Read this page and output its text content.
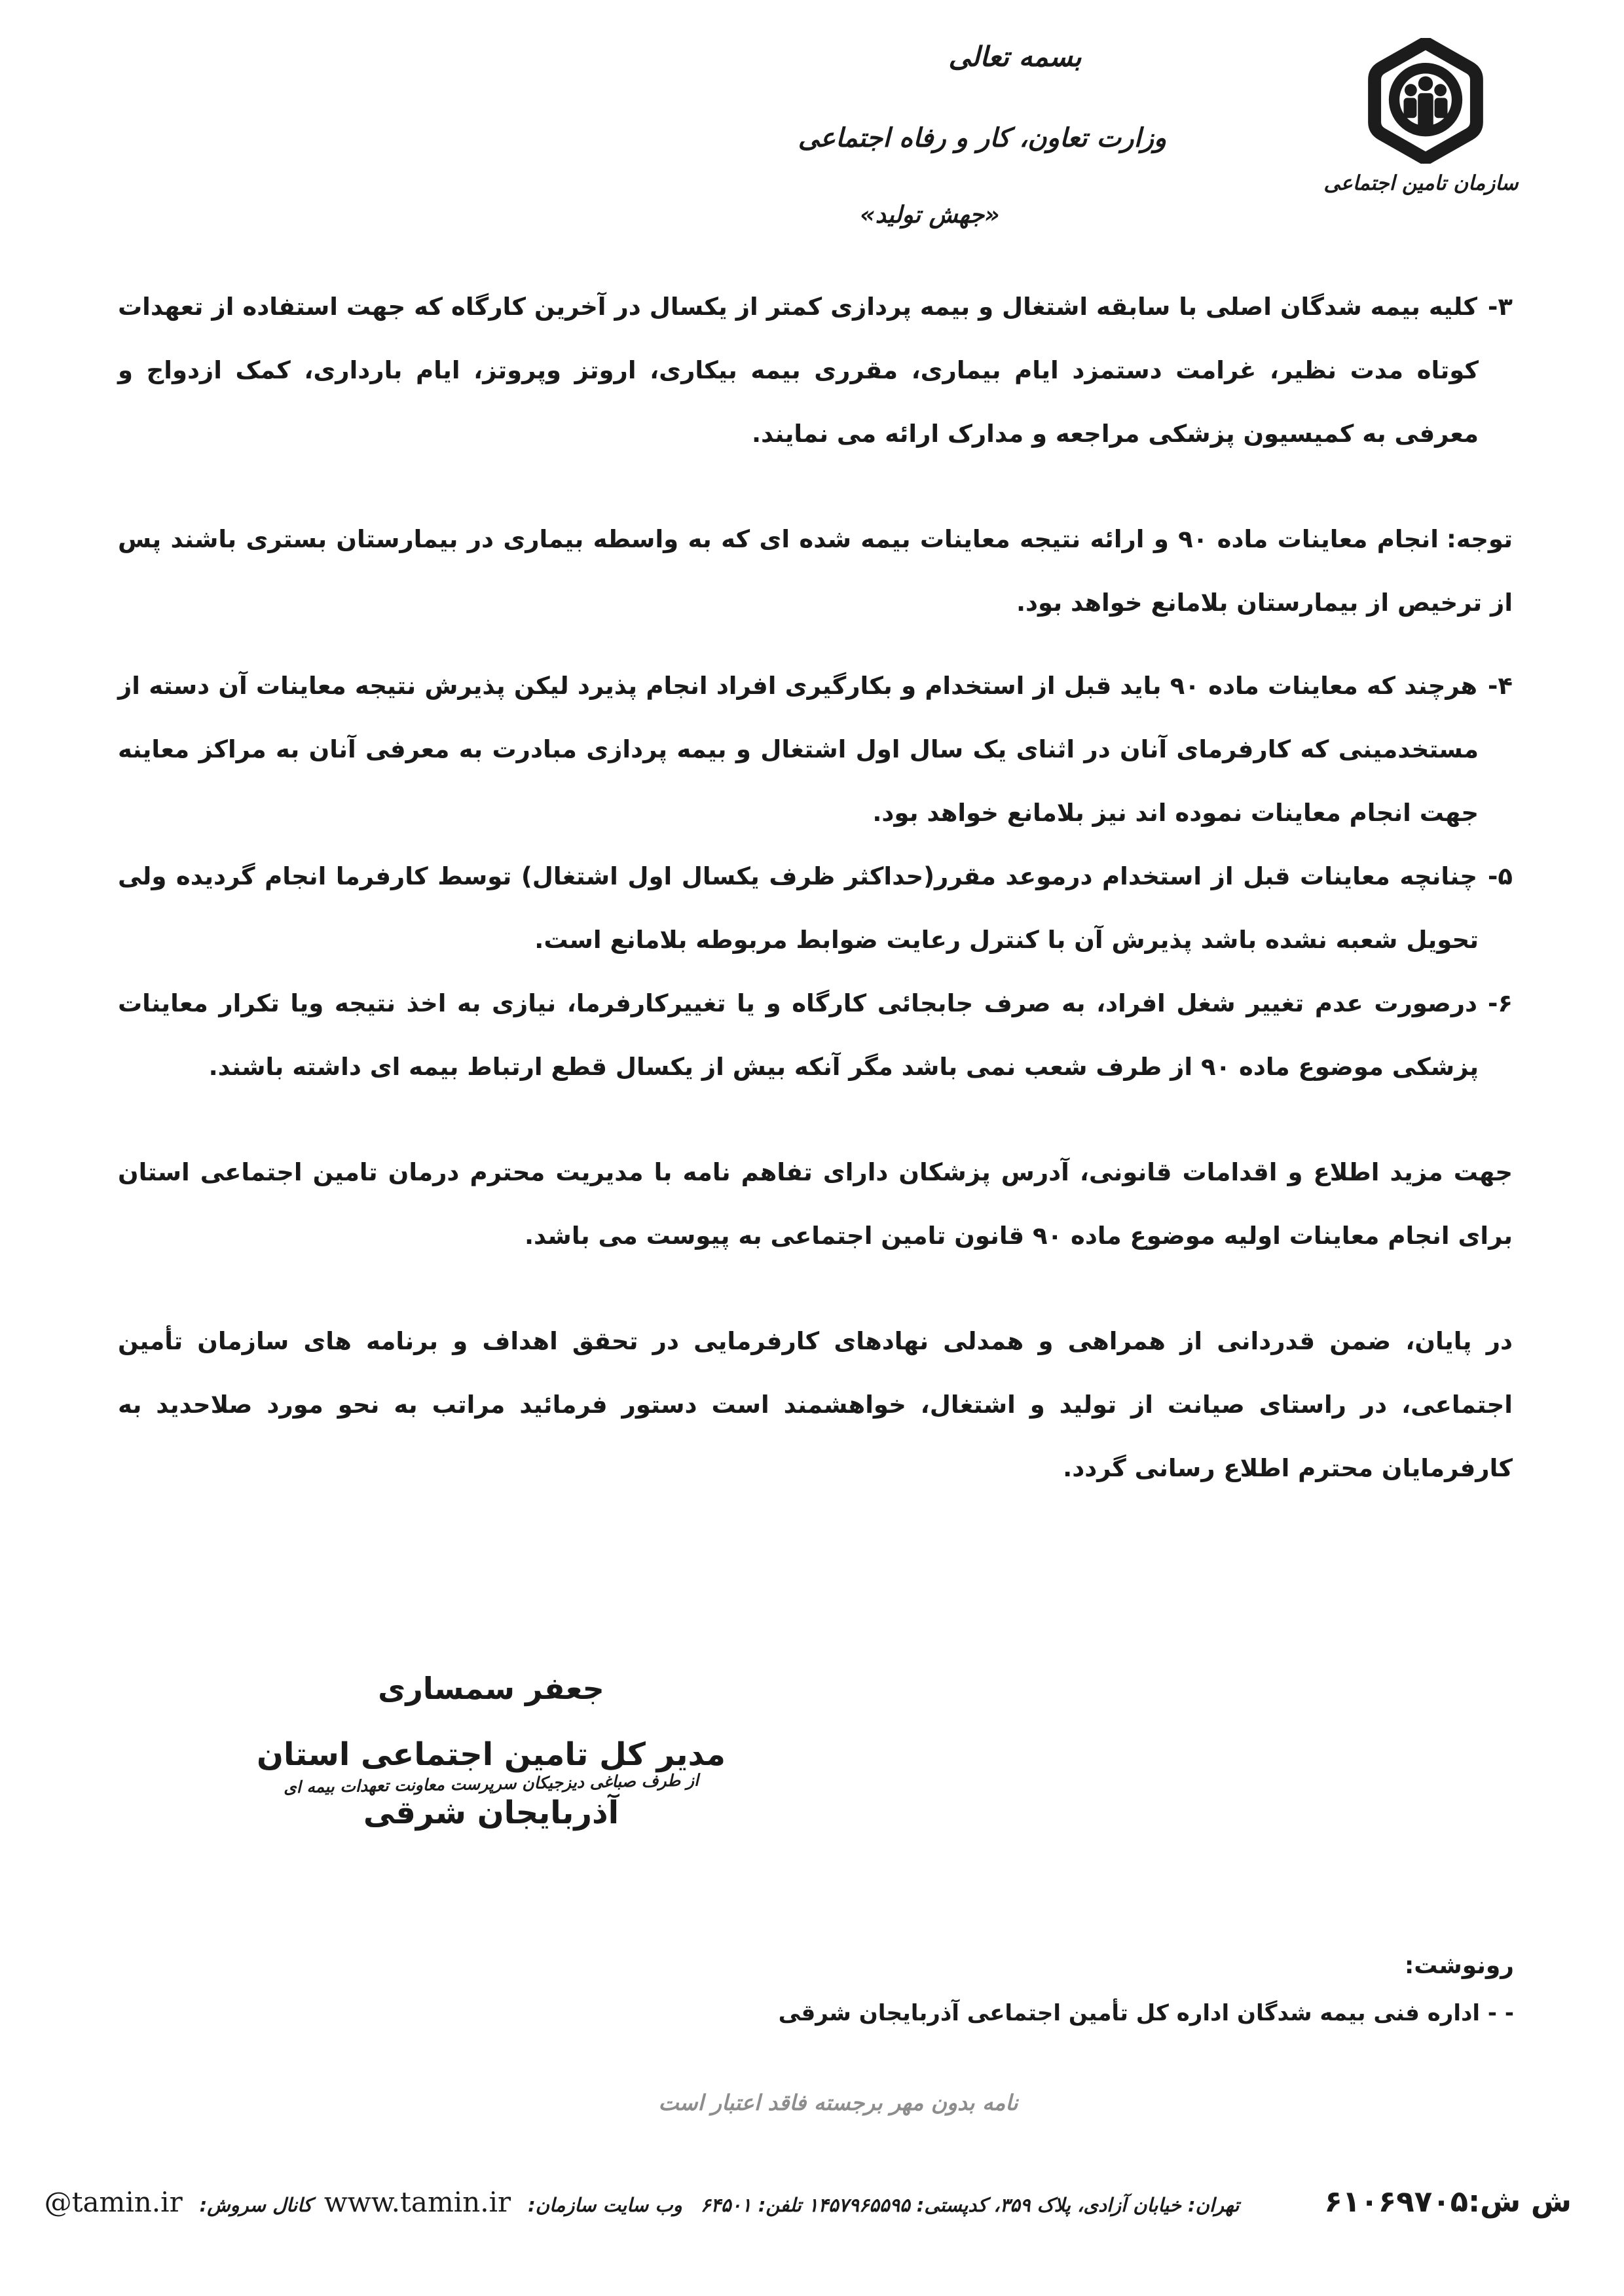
بسمه تعالی
وزارت تعاون، کار و رفاه اجتماعی
«جهش تولید»
سازمان تامین اجتماعی

۳-کلیه بیمه شدگان اصلی با سابقه اشتغال و بیمه پردازی کمتر از یکسال در آخرین کارگاه که جهت استفاده از تعهدات کوتاه مدت نظیر، غرامت دستمزد ایام بیماری، مقرری بیمه بیکاری، اروتز وپروتز، ایام بارداری، کمک ازدواج و معرفی به کمیسیون پزشکی مراجعه و مدارک ارائه می نمایند.

توجه:انجام معاینات ماده ۹۰ و ارائه نتیجه معاینات بیمه شده ای که به واسطه بیماری در بیمارستان بستری باشند پس از ترخیص از بیمارستان بلامانع خواهد بود.

۴-هرچند که معاینات ماده ۹۰ باید قبل از استخدام و بکارگیری افراد انجام پذیرد لیکن پذیرش نتیجه معاینات آن دسته از مستخدمینی که کارفرمای آنان در اثنای یک سال اول اشتغال و بیمه پردازی مبادرت به معرفی آنان به مراکز معاینه جهت انجام معاینات نموده اند نیز بلامانع خواهد بود.

۵-چنانچه معاینات قبل از استخدام درموعد مقرر(حداکثر ظرف یکسال اول اشتغال) توسط کارفرما انجام گردیده ولی تحویل شعبه نشده باشد پذیرش آن با کنترل رعایت ضوابط مربوطه بلامانع است.

۶-درصورت عدم تغییر شغل افراد، به صرف جابجائی کارگاه و یا تغییرکارفرما، نیازی به اخذ نتیجه ویا تکرار معاینات پزشکی موضوع ماده ۹۰ از طرف شعب نمی باشد مگر آنکه بیش از یکسال قطع ارتباط بیمه ای داشته باشند.

جهت مزید اطلاع و اقدامات قانونی، آدرس پزشکان دارای تفاهم نامه با مدیریت محترم درمان تامین اجتماعی استان برای انجام معاینات اولیه موضوع ماده ۹۰ قانون تامین اجتماعی به پیوست می باشد.

در پایان، ضمن قدردانی از همراهی و همدلی نهادهای کارفرمایی در تحقق اهداف و برنامه های سازمان تأمین اجتماعی، در راستای صیانت از تولید و اشتغال، خواهشمند است دستور فرمائید مراتب به نحو مورد صلاحدید به کارفرمایان محترم اطلاع رسانی گردد.

جعفر سمساری
مدیر کل تامین اجتماعی استان
از طرف صباغی دیزجیکان سرپرست معاونت تعهدات بیمه ای
آذربایجان شرقی
رونوشت:
- - اداره فنی بیمه شدگان اداره کل تأمین اجتماعی آذربایجان شرقی
نامه بدون مهر برجسته فاقد اعتبار است
ش ش:۶۱۰۶۹۷۰۵
تهران: خیابان آزادی، پلاک ۳۵۹، کدپستی: ۱۴۵۷۹۶۵۵۹۵ تلفن: ۶۴۵۰۱ وب سایت سازمان:www.tamin.ir کانال سروش:@tamin.ir
